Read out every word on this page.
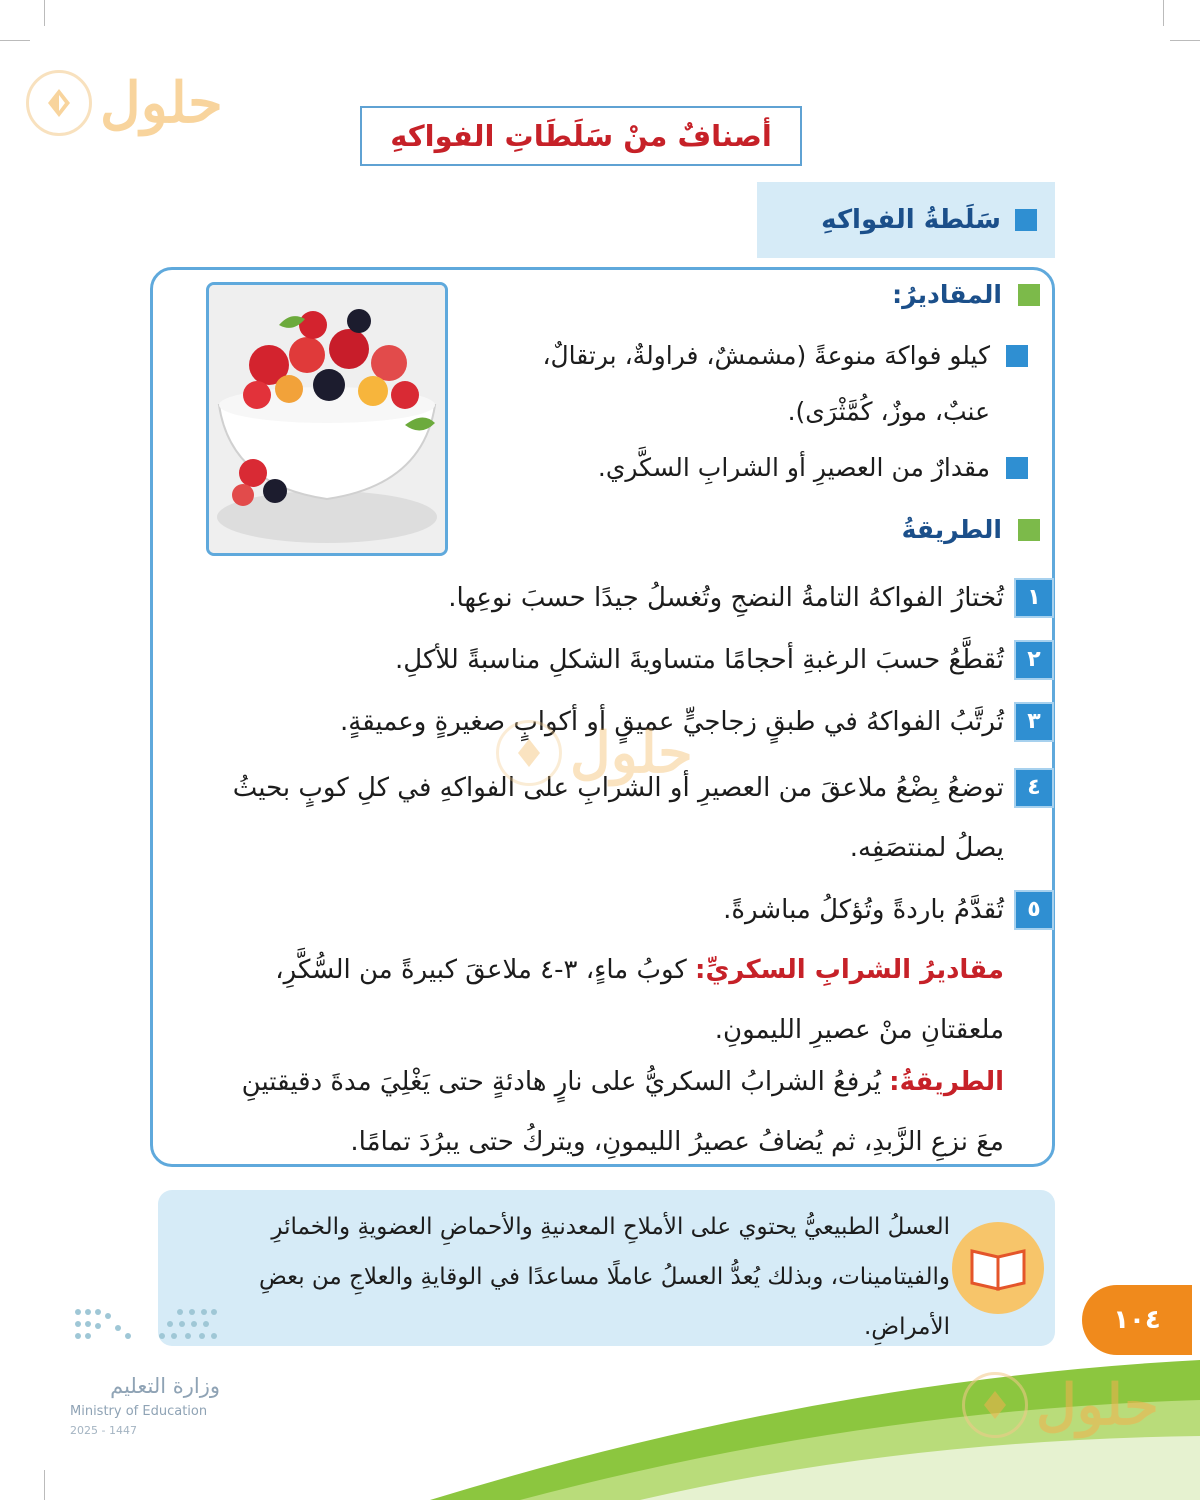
حلول	أصنافٌ منْ سَلَطَاتِ الفواكهِ
سَلَطةُ الفواكهِ
المقاديرُ:
كيلو فواكهَ منوعةً (مشمشٌ، فراولةٌ، برتقالٌ، عنبٌ، موزٌ، كُمَّثْرَى).
مقدارٌ من العصيرِ أو الشرابِ السكَّري.
الطريقةُ
١
تُختارُ الفواكهُ التامةُ النضجِ وتُغسلُ جيدًا حسبَ نوعِها.
٢
تُقطَّعُ حسبَ الرغبةِ أحجامًا متساويةَ الشكلِ مناسبةً للأكلِ.
٣
تُرتَّبُ الفواكهُ في طبقٍ زجاجيٍّ عميقٍ أو أكوابٍ صغيرةٍ وعميقةٍ.
٤
توضعُ بِضْعُ ملاعقَ من العصيرِ أو الشرابِ على الفواكهِ في كلِ كوبٍ بحيثُ يصلُ لمنتصَفِه.
٥
تُقدَّمُ باردةً وتُؤكلُ مباشرةً.
مقاديرُ الشرابِ السكريِّ: كوبُ ماءٍ، ٣-٤ ملاعقَ كبيرةً من السُّكَّرِ، ملعقتانِ منْ عصيرِ الليمونِ.
الطريقةُ: يُرفعُ الشرابُ السكريُّ على نارٍ هادئةٍ حتى يَغْلِيَ مدةَ دقيقتينِ معَ نزعِ الزَّبدِ، ثم يُضافُ عصيرُ الليمونِ، ويتركُ حتى يبرُدَ تمامًا.
حلول
العسلُ الطبيعيُّ يحتوي على الأملاحِ المعدنيةِ والأحماضِ العضويةِ والخمائرِ والفيتامينات، وبذلك يُعدُّ العسلُ عاملًا مساعدًا في الوقايةِ والعلاجِ من بعضِ الأمراضِ.	١٠٤
وزارة التعليم
Ministry of Education
2025 - 1447	حلول
